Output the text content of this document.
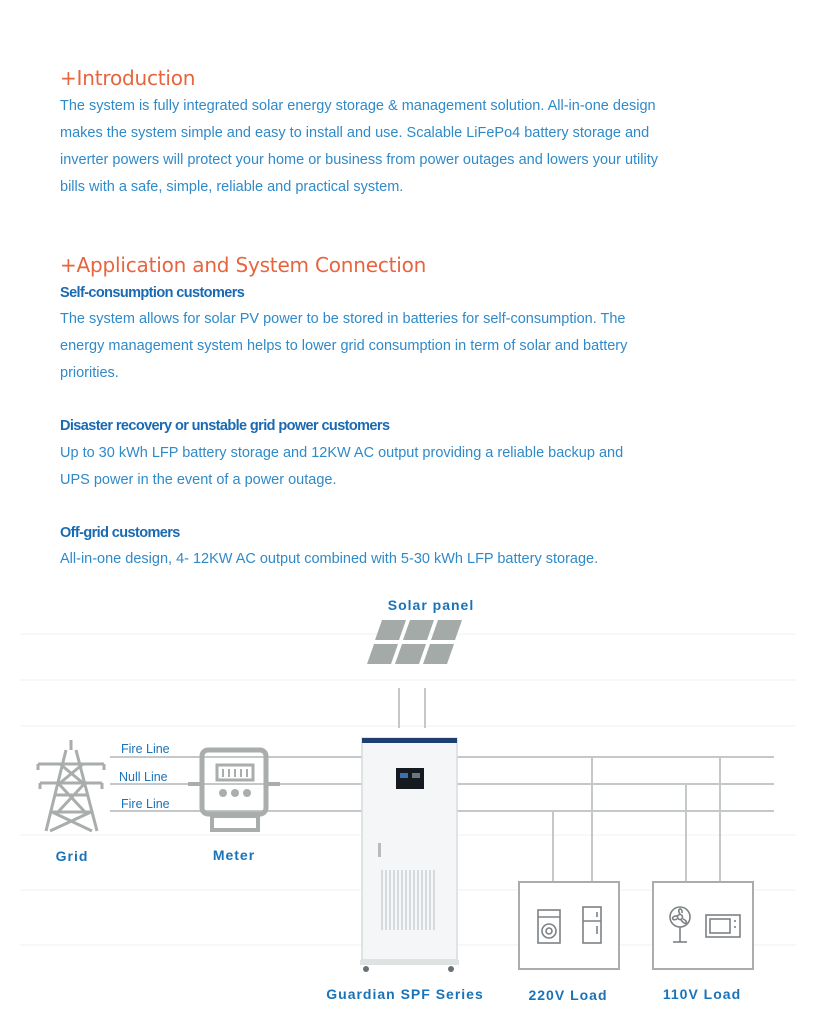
+Introduction
The system is fully integrated solar energy storage & management solution. All-in-one design
makes the system simple and easy to install and use. Scalable LiFePo4 battery storage and
inverter powers will protect your home or business from power outages and lowers your utility
bills with a safe, simple, reliable and practical system.
+Application and System Connection
Self-consumption customers
The system allows for solar PV power to be stored in batteries for self-consumption. The
energy management system helps to lower grid consumption in term of solar and battery
priorities.
Disaster recovery or unstable grid power customers
Up to 30 kWh LFP battery storage and 12KW AC output providing a reliable backup and
UPS power in the event of a power outage.
Off-grid customers
All-in-one design, 4- 12KW AC output combined with 5-30 kWh LFP battery storage.
Solar panel
Fire Line
Null Line
Fire Line
Grid	Meter
Guardian SPF Series	220V Load	110V Load
